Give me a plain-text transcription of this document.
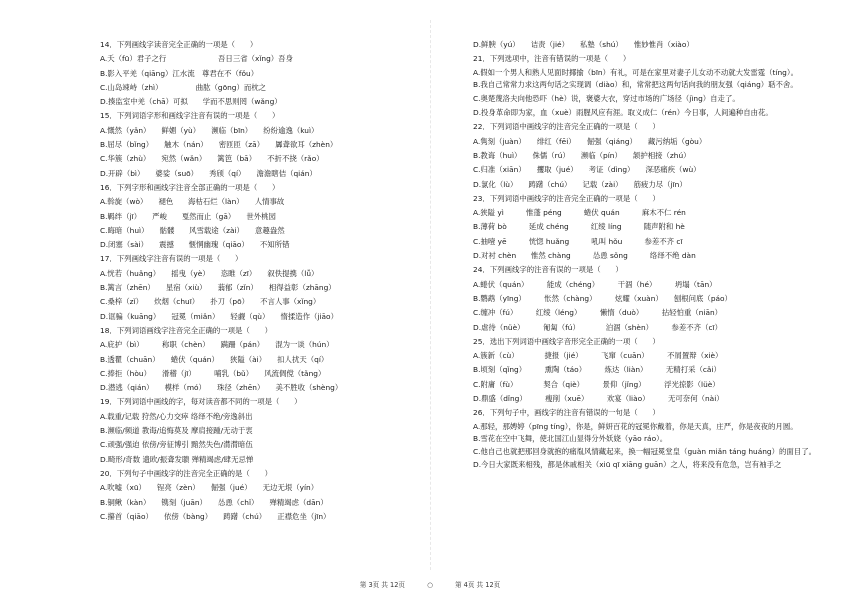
14．下列画线字读音完全正确的一项是（　　）
A.夭（fū）君子之行　　　　　　　吾日三省（xǐng）吾身
B.影入平羌（qiāng）江水流　尊君在不（fǒu）
C.山岛竦峙（zhì）　　　　　曲肱（gōng）而枕之
D.揍监室中羌（chā）可拟　　学而不思则罔（wǎng）
15．下列词语字形和画线字注音有误的一项是（　　）
A.慨然（yǎn）　　鲜媚（yù）　　濒临（bīn）　　纷纷逾逸（kuì）
B.屈尽（bǐng）　　触木（nán）　　密匝匝（zā）　　羼聋欲耳（zhèn）
C.华簇（zhù）　　宛然（wǎn）　　篱笆（bā）　　不折不挠（rǎo）
D.开辟（bì）　　婆娑（suō）　　秀颀（qí）　　澹澹瞎佶（qián）
16．下列字形和画线字注音全部正确的一项是（　　）
A.斡旋（wò）　　褪色　　海枯石烂（làn）　　人情事故
B.羁绊（jī）　　严峻　　戛然而止（gā）　　世外桃园
C.晦暗（huì）　　骷髅　　风雪载途（zài）　　意趣盎然
D.闭塞（sài）　　震撼　　惬惘幽瑰（qiāo）　　不知所错
17．下列画线字注音有误的一项是（　　）
A.恍若（huǎng）　　摇曳（yè）　　恣睢（zī）　　叙佚提携（lǚ）
B.篱言（zhēn）　　星宿（xiù）　　蓊郁（zǐn）　　相得益彰（zhāng）
C.桑梓（zǐ）　　炊烟（chuī）　　扑刀（pō）　　不言人事（xǐng）
D.诓骗（kuāng）　　冠冕（miǎn）　　轻觑（qù）　　惰揉造作（jiāo）
18．下列词语画线字注音完全正确的一项是（　　）
A.庇护（bì）　　　称职（chèn）　　蹒跚（pán）　　混为一谈（hún）
B.透瞿（chuān）　　蜷伏（quán）　　狭隘（ài）　　扣人扰天（qí）
C.捧拒（hòu）　　滑稽（jī）　　　哺乳（bǔ）　　风流倜傥（tǎng）
D.潜逃（qián）　　模样（mó）　　珠径（zhēn）　　美不胜收（shèng）
19．下列词语中画线的字，每对读音都不同的一项是（　　）
A.载重/记载 狩然/心力交瘁 络绎不绝/旁逸斜出
B.濒临/频道 教诲/追悔莫及 摩肩接踵/无动于衷
C.顽强/强迫 依傍/旁征博引 黯然失色/潸潸暗伍
D.畸形/奇数 遗欧/振聋发聩 殚精竭虑/肆无忌惮
20．下列句子中画线字的注音完全正确的是（　　）
A.吹嘘（xū）　　锃亮（zèn）　　倔强（jué）　　无边无垠（yín）
B.铜鳅（kàn）　　镌刻（juān）　　怂恿（chǐ）　　殚精竭虑（dān）
C.攥首（qiāo）　　依傍（bàng）　　踌躇（chú）　　正襟危坐（jīn）
D.鲜腴（yú）　　诘责（jié）　　私塾（shú）　　惟妙惟肖（xiào）
21．下列选项中，注音有错误的一项是（　　）
A.假如一个男人和熟人见面时揶揄（bīn）有礼，可是在家里对妻子儿女动不动就大发雷霆（tíng）。
B.我自己常常力求这两句话之实现调（diào）和，常常把这两句话向我的朋友强（qiáng）聒不舍。
C.奥楚蔑洛夫向他恐吓（hè）说，褒婆大衣，穿过市场的广场径（jìng）自走了。
D.投身革命即为家，血（xuè）雨腥风应有涯。取义成仁（rén）今日事，人间遍种自由花。
22．下列词语中画线字的注音完全正确的一项是（　　）
A.隽刻（juàn）　　绯红（fēi）　　倔强（qiáng）　　藏污纳垢（gòu）
B.教诲（huì）　　侏儒（rú）　　濒临（pín）　　颔护相接（zhú）
C.归准（xiān）　　攫取（jué）　　考证（dìng）　　深恶痛疾（wù）
D.氯化（lù）　　踌躇（chú）　　记载（zài）　　筋疲力尽（jīn）
23．下列词语中画线字的注音完全正确的一项是（　　）
A.狭隘 yì　　　惟蓬 péng　　　蜷伏 quán　　　麻木不仁 rén
B.薄荷 bò　　　延成 chéng　　　红绫 líng　　　随声附和 hè
C.抽噎 yē　　　恍惚 huǎng　　　吼叫 hǒu　　　参差不齐 cī
D.对衬 chèn　　惟然 chàng　　　怂恿 sǒng　　　络绎不绝 dàn
24．下列画线字的注音有误的一项是（　　）
A.蜷伏（quán）　　　能成（chéng）　　　干涸（hé）　　　坍塌（tān）
B.鹦鹉（yīng）　　　怅然（chàng）　　　炫耀（xuàn）　　刨根问底（páo）
C.缠冲（fú）　　　红绫（léng）　　　懒惰（duò）　　　拈轻怕重（niān）
D.虐待（nüè）　　　匍匐（fú）　　　　泊涸（shèn）　　　参差不齐（cī）
25．选出下列词语中画线字音形完全正确的一项（　　）
A.簇新（cù）　　　　捷报（jié）　　　飞窜（cuān）　　　不屑置辩（xiè）
B.顷刻（qǐng）　　　熏陶（táo）　　　炼达（liàn）　　　无精打采（cǎi）
C.附庸（fù）　　　　契合（qiè）　　　景仰（jǐng）　　　浮光掠影（lüè）
D.鼎盛（dǐng）　　　瘦削（xuē）　　　欢宴（liào）　　　无可奈何（nài）
26．下列句子中，画线字的注音有错误的一句是（　　）
A.那轻，那娉婷（pīng tíng），你是，鲜妍百花的冠冕你戴着，你是天真，庄严，你是夜夜的月圆。
B.雪花在空中飞舞，使北国江山显得分外妖娆（yāo ráo）。
C.他自己也就把那回身就抱的痛胤风情藏起来，换一幅冠冕堂皇（guàn miǎn táng huáng）的面目了。
D.今日大家既来相残，都是休戚相关（xiū qī xiāng guān）之人，将来没有危急，岂有袖手之
第 3页 共 12页	○	第 4页 共 12页
